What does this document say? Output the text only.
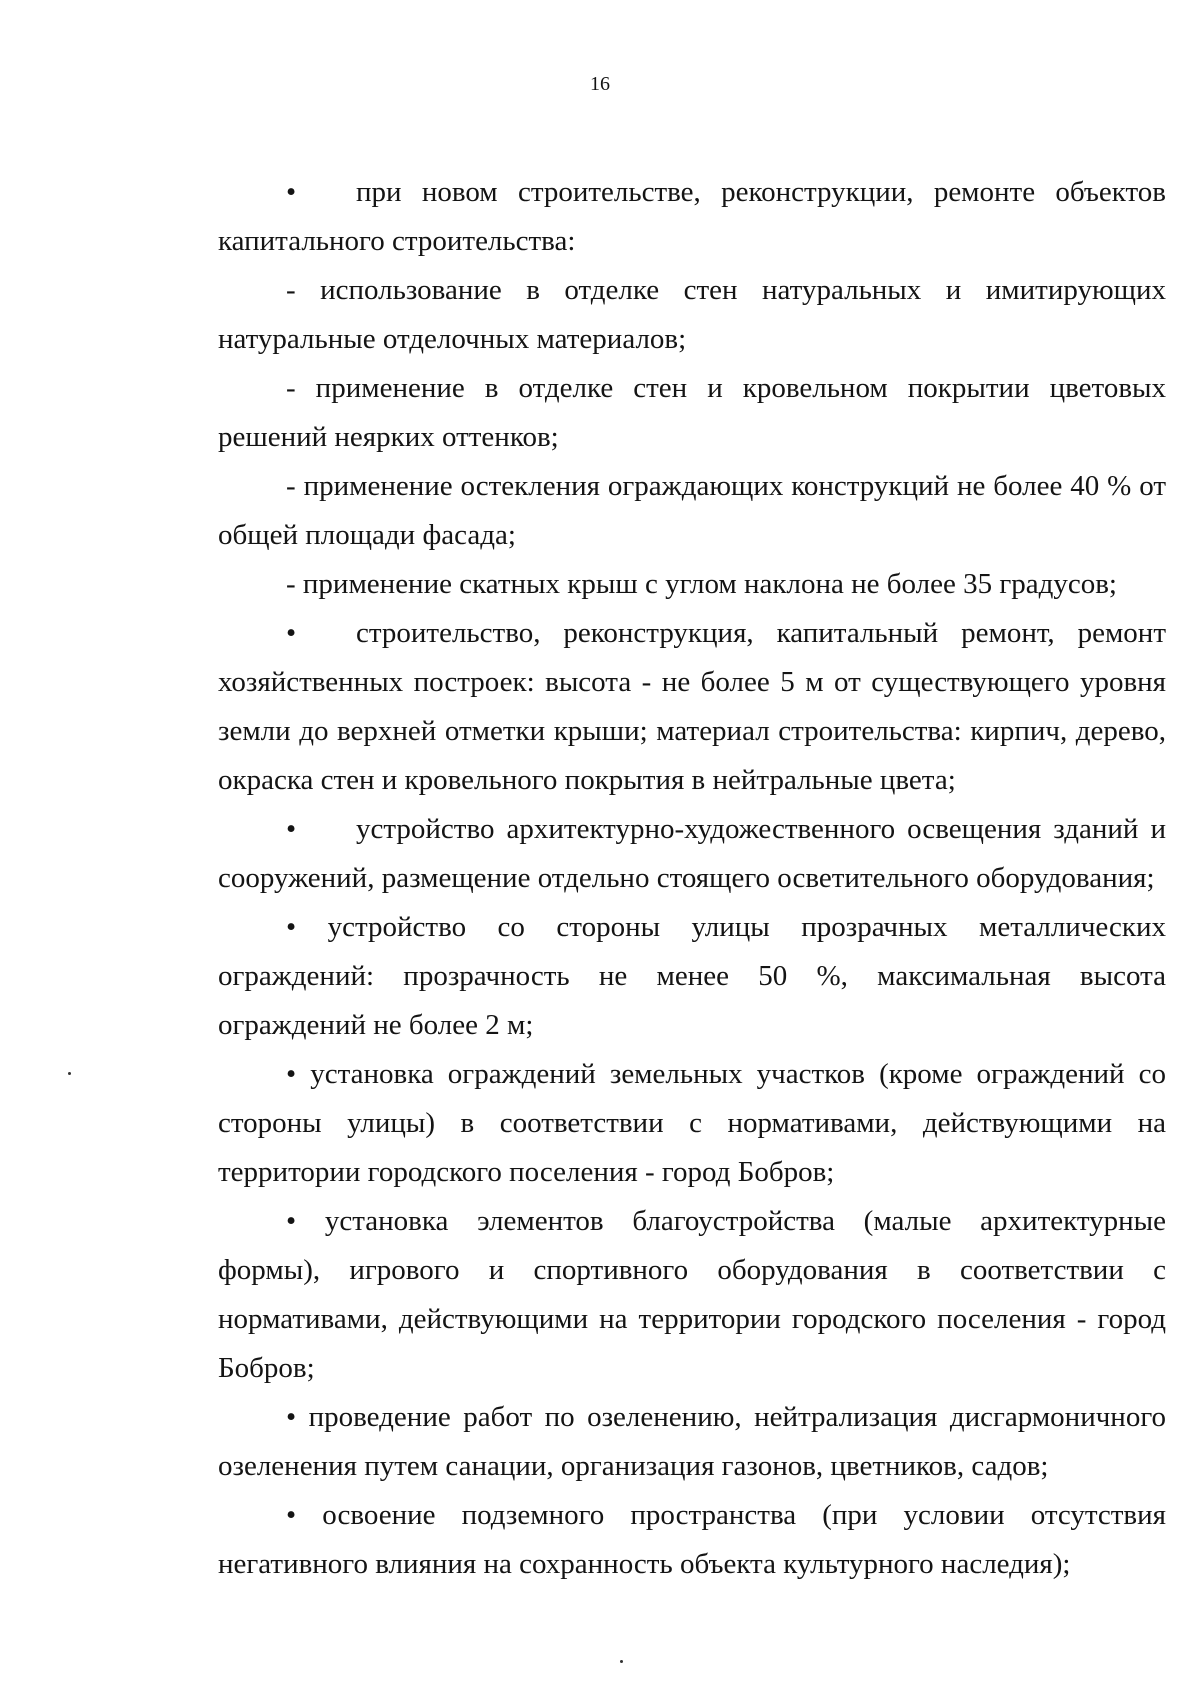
16

• при новом строительстве, реконструкции, ремонте объектов капитального строительства:

- использование в отделке стен натуральных и имитирующих натуральные отделочных материалов;

- применение в отделке стен и кровельном покрытии цветовых решений неярких оттенков;

- применение остекления ограждающих конструкций не более 40 % от общей площади фасада;

- применение скатных крыш с углом наклона не более 35 градусов;

• строительство, реконструкция, капитальный ремонт, ремонт хозяйственных построек: высота - не более 5 м от существующего уровня земли до верхней отметки крыши; материал строительства: кирпич, дерево, окраска стен и кровельного покрытия в нейтральные цвета;

• устройство архитектурно-художественного освещения зданий и сооружений, размещение отдельно стоящего осветительного оборудования;

• устройство со стороны улицы прозрачных металлических ограждений: прозрачность не менее 50 %, максимальная высота ограждений не более 2 м;

• установка ограждений земельных участков (кроме ограждений со стороны улицы) в соответствии с нормативами, действующими на территории городского поселения - город Бобров;

• установка элементов благоустройства (малые архитектурные формы), игрового и спортивного оборудования в соответствии с нормативами, действующими на территории городского поселения - город Бобров;

• проведение работ по озеленению, нейтрализация дисгармоничного озеленения путем санации, организация газонов, цветников, садов;

• освоение подземного пространства (при условии отсутствия негативного влияния на сохранность объекта культурного наследия);
